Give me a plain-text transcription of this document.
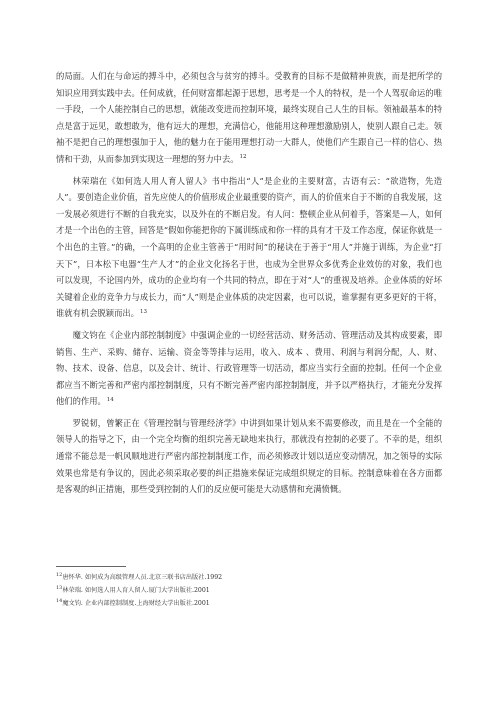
的局面。人们在与命运的搏斗中，必须包含与贫穷的搏斗。受教育的目标不是做精神贵族，而是把所学的知识应用到实践中去。任何成就，任何财富都起源于思想，思考是一个人的特权，是一个人驾驭命运的唯一手段，一个人能控制自己的思想，就能改变进而控制环境，最终实现自己人生的目标。领袖最基本的特点是富于远见，敢想敢为，他有远大的理想，充满信心，他能用这种理想激励别人，使别人跟自己走。领袖不是把自己的理想强加于人，他的魅力在于能用理想打动一大群人，使他们产生跟自己一样的信心、热情和干劲，从而参加到实现这一理想的努力中去。$^{12}$

林荣瑞在《如何选人用人育人留人》书中指出“人”是企业的主要财富，古语有云：“欲造物，先造人”。要创造企业价值，首先应使人的价值形成企业最重要的资产，而人的价值来自于不断的自我发展，这一发展必须进行不断的自我充实，以及外在的不断启发。有人问：整顿企业从何着手，答案是—人，如何才是一个出色的主管，回答是“假如你能把你的下属训练成和你一样的具有才干及工作态度，保证你就是一个出色的主管。”的确，一个高明的企业主管善于“用时间”的秘诀在于善于“用人”并施于训练，为企业“打天下”，日本松下电器“生产人才”的企业文化扬名于世，也成为全世界众多优秀企业效仿的对象，我们也可以发现，不论国内外，成功的企业均有一个共同的特点，即在于对“人”的重视及培养。企业体质的好坏关键着企业的竞争力与成长力，而“人”则是企业体质的决定因素，也可以说，谁掌握有更多更好的干将，谁就有机会脱颖而出。$^{13}$

魔文钧在《企业内部控制制度》中强调企业的一切经营活动、财务活动、管理活动及其构成要素，即销售、生产、采购、储存、运输、资金等等排与运用，收入、成本 、费用、利润与利润分配，人、财、物、技术、设备、信息，以及会计、统计、行政管理等一切活动，都应当实行全面的控制。任何一个企业都应当不断完善和严密内部控制制度，只有不断完善严密内部控制制度，并予以严格执行，才能充分发挥他们的作用。$^{14}$

罗锐韧，曾繁正在《管理控制与管理经济学》中讲到如果计划从来不需要修改，而且是在一个全能的领导人的指导之下，由一个完全均衡的组织完善无缺地来执行，那就没有控制的必要了。不幸的是，组织通常不能总是一帆风顺地进行严密内部控制制度工作，而必须修改计划以适应变动情况，加之领导的实际效果也常是有争议的，因此必须采取必要的纠正措施来保证完成组织规定的目标。控制意味着在各方面都是客观的纠正措施，那些受到控制的人们的反应便可能是大动感情和充满愤慨。

$^{12}$唐怀华. 如何成为高级管理人员.北京三联书店出版社.1992
$^{13}$林荣瑞. 如何选人用人育人留人.厦门大学出版社.2001
$^{14}$魔文钧. 企业内部控制制度.上海财经大学出版社.2001
